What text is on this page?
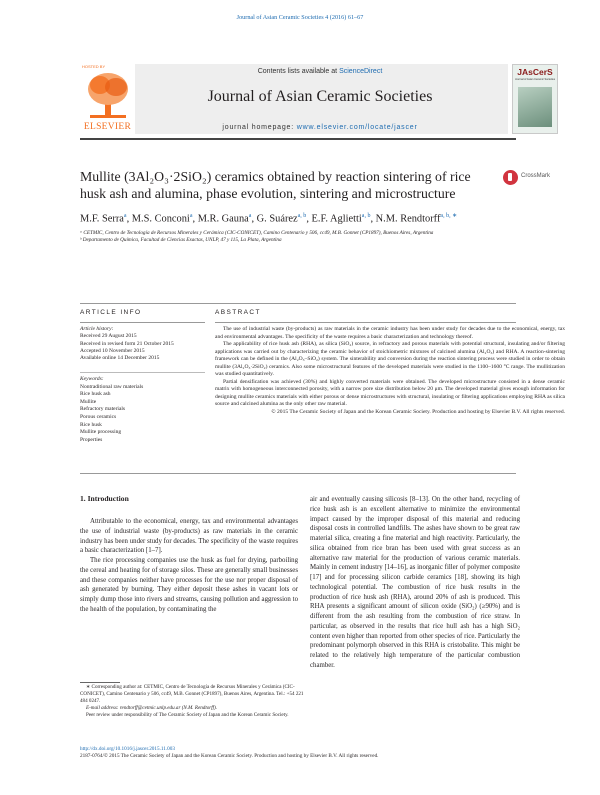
Journal of Asian Ceramic Societies 4 (2016) 61–67
HOSTED BY
ELSEVIER
Contents lists available at ScienceDirect
Journal of Asian Ceramic Societies
journal homepage: www.elsevier.com/locate/jascer
JAsCerS
Journal of Asian Ceramic Societies
Mullite (3Al₂O₃·2SiO₂) ceramics obtained by reaction sintering of rice husk ash and alumina, phase evolution, sintering and microstructure
CrossMark
M.F. Serra$^a$, M.S. Conconi$^a$, M.R. Gauna$^a$, G. Suárez$^{a, b}$, E.F. Aglietti$^{a, b}$, N.M. Rendtorff$^{a, b, ∗}$
ᵃ CETMIC, Centro de Tecnología de Recursos Minerales y Cerámica (CIC-CONICET), Camino Centenario y 506, cc49, M.B. Gonnet (CP1897), Buenos Aires, Argentina
ᵇ Departamento de Química, Facultad de Ciencias Exactas, UNLP, 47 y 115, La Plata, Argentina
ARTICLE INFO	ABSTRACT
Article history:
Received 29 August 2015
Received in revised form 21 October 2015
Accepted 10 November 2015
Available online 14 December 2015
Keywords:
Nontraditional raw materials
Rice husk ash
Mullite
Refractory materials
Porous ceramics
Rice husk
Mullite processing
Properties

The use of industrial waste (by-products) as raw materials in the ceramic industry has been under study for decades due to the economical, energy, tax and environmental advantages. The specificity of the waste requires a basic characterization and technology thereof.

The applicability of rice husk ash (RHA), as silica (SiO₂) source, in refractory and porous materials with potential structural, insulating and/or filtering applications was carried out by characterizing the ceramic behavior of stoichiometric mixtures of calcined alumina (Al₂O₃) and RHA. A reaction-sintering framework can be defined in the (Al₂O₃–SiO₂) system. The sinterability and conversion during the reaction sintering process were studied in order to obtain mullite (3Al₂O₃·2SiO₂) ceramics. Also some microstructural features of the developed materials were studied in the 1100–1600 °C range. The mullitization was studied quantitatively.

Partial densification was achieved (30%) and highly converted materials were obtained. The developed microstructure consisted in a dense ceramic matrix with homogeneous interconnected porosity, with a narrow pore size distribution below 20 μm. The developed material gives enough information for designing mullite ceramics materials with either porous or dense microstructures with structural, insulating or filtering applications employing RHA as silica source and calcined alumina as the only other raw material.

© 2015 The Ceramic Society of Japan and the Korean Ceramic Society. Production and hosting by Elsevier B.V. All rights reserved.

1. Introduction

Attributable to the economical, energy, tax and environmental advantages the use of industrial waste (by-products) as raw materials in the ceramic industry has been under study for decades. The specificity of the waste requires a basic characterization [1–7].

The rice processing companies use the husk as fuel for drying, parboiling the cereal and heating for of storage silos. These are generally small businesses and these companies neither have processes for the use nor proper disposal of ash generated by burning. They either deposit these ashes in vacant lots or simply dump those into rivers and streams, causing pollution and aggression to the health of the population, by contaminating the

air and eventually causing silicosis [8–13]. On the other hand, recycling of rice husk ash is an excellent alternative to minimize the environmental impact caused by the improper disposal of this material and reducing disposal costs in controlled landfills. The ashes have shown to be great raw material silica, creating a fine material and high reactivity. Particularly, the silica obtained from rice bran has been used with great success as an alternative raw material for the production of various ceramic materials. Mainly in cement industry [14–16], as inorganic filler of polymer composite [17] and for processing silicon carbide ceramics [18], showing its high technological potential. The combustion of rice husk results in the production of rice husk ash (RHA), around 20% of ash is produced. This RHA presents a significant amount of silicon oxide (SiO₂) (≥90%) and is different from the ash resulting from the combustion of rice straw. In particular, as observed in the results that rice hull ash has a high SiO₂ content even higher than reported from other species of rice. Particularly the predominant polymorph observed in this RHA is cristobalite. This might be related to the relatively high temperature of the particular combustion chamber.

∗ Corresponding author at: CETMIC, Centro de Tecnología de Recursos Minerales y Cerámica (CIC-CONICET), Camino Centenario y 506, cc49, M.B. Gonnet (CP1897), Buenos Aires, Argentina. Tel.: +54 221 484 0247.

E-mail address: rendtorff@cetmic.unlp.edu.ar (N.M. Rendtorff).

Peer review under responsibility of The Ceramic Society of Japan and the Korean Ceramic Society.

http://dx.doi.org/10.1016/j.jascer.2015.11.003
2187-0764/© 2015 The Ceramic Society of Japan and the Korean Ceramic Society. Production and hosting by Elsevier B.V. All rights reserved.
